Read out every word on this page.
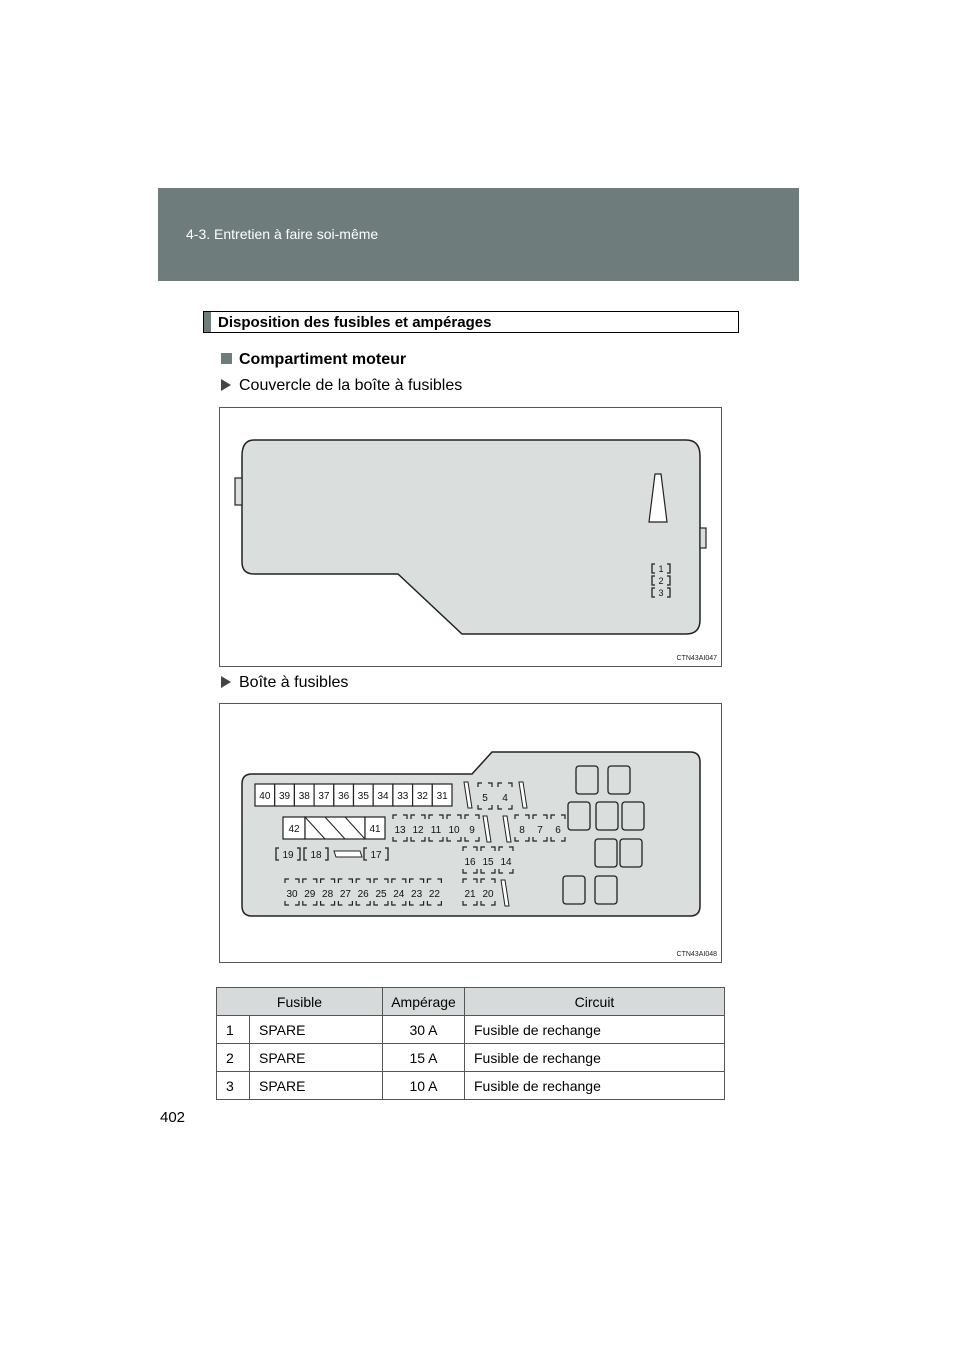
4-3. Entretien à faire soi-même
Disposition des fusibles et ampérages
Compartiment moteur
Couvercle de la boîte à fusibles
1
2
3
CTN43AI047
Boîte à fusibles
40 39 38 37 36 35 34 33 32 31	5 4
42	41 13 12 11 10 9	8 7 6
19 18	17
16 15 14
30 29 28 27 26 25 24 23 22 21 20
CTN43AI048
402
Fusible		Ampérage	Circuit
1	SPARE	30 A	Fusible de rechange
2	SPARE	15 A	Fusible de rechange
3	SPARE	10 A	Fusible de rechange
